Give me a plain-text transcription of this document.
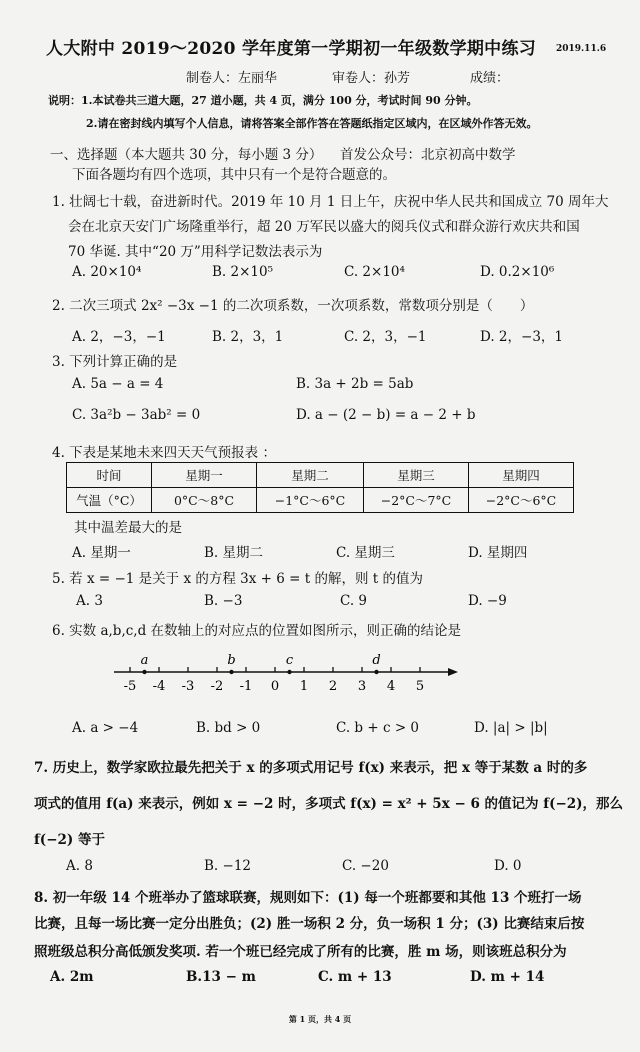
人大附中 2019～2020 学年度第一学期初一年级数学期中练习 2019.11.6
制卷人：左丽华	审卷人：孙芳	成绩：
说明：1.本试卷共三道大题，27 道小题，共 4 页，满分 100 分，考试时间 90 分钟。
2.请在密封线内填写个人信息，请将答案全部作答在答题纸指定区域内，在区域外作答无效。
一、选择题（本大题共 30 分，每小题 3 分） 首发公众号：北京初高中数学
下面各题均有四个选项，其中只有一个是符合题意的。
1. 壮阔七十载，奋进新时代。2019 年 10 月 1 日上午，庆祝中华人民共和国成立 70 周年大
会在北京天安门广场隆重举行，超 20 万军民以盛大的阅兵仪式和群众游行欢庆共和国
70 华诞. 其中“20 万”用科学记数法表示为
A. 20×10⁴	B. 2×10⁵	C. 2×10⁴	D. 0.2×10⁶
2. 二次三项式 2x² −3x −1 的二次项系数，一次项系数，常数项分别是（　　）
A. 2，−3，−1	B. 2，3，1	C. 2，3，−1	D. 2，−3，1
3. 下列计算正确的是
A. 5a − a = 4	B. 3a + 2b = 5ab
C. 3a²b − 3ab² = 0	D. a − (2 − b) = a − 2 + b
4. 下表是某地未来四天天气预报表 ：
时间	星期一	星期二	星期三	星期四
气温（°C）	0°C～8°C	−1°C～6°C	−2°C～7°C	−2°C～6°C
其中温差最大的是
A. 星期一	B. 星期二	C. 星期三	D. 星期四
5. 若 x = −1 是关于 x 的方程 3x + 6 = t 的解，则 t 的值为
A. 3	B. −3	C. 9	D. −9
6. 实数 a,b,c,d 在数轴上的对应点的位置如图所示，则正确的结论是
-5 -4 -3 -2 -1 0 1 2 3 4 5
a	b	c	d
A. a > −4	B. bd > 0	C. b + c > 0	D. |a| > |b|
7. 历史上，数学家欧拉最先把关于 x 的多项式用记号 f(x) 来表示，把 x 等于某数 a 时的多
项式的值用 f(a) 来表示，例如 x = −2 时，多项式 f(x) = x² + 5x − 6 的值记为 f(−2)，那么
f(−2) 等于
A. 8	B. −12	C. −20	D. 0
8. 初一年级 14 个班举办了篮球联赛，规则如下：(1) 每一个班都要和其他 13 个班打一场
比赛，且每一场比赛一定分出胜负；(2) 胜一场积 2 分，负一场积 1 分；(3) 比赛结束后按
照班级总积分高低颁发奖项. 若一个班已经完成了所有的比赛，胜 m 场，则该班总积分为
A. 2m	B.13 − m	C. m + 13	D. m + 14
第 1 页，共 4 页
